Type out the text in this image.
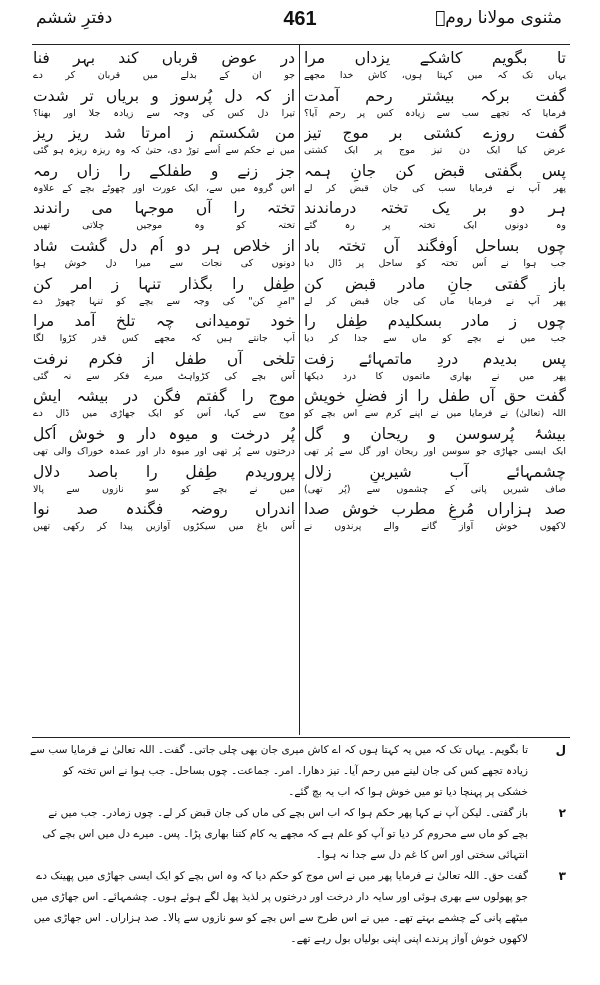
مثنوی مولانا رومؒ
461
دفترِ ششم
تا بگویم کاشکے یزداں مرا
یہاں تک کہ میں کہتا ہوں، کاش خدا مجھے
گفت برکہ بیشتر رحم آمدت
فرمایا کہ تجھے سب سے زیادہ کس پر رحم آیا؟
گفت روزے کشتی بر موج تیز
عرض کیا ایک دن تیز موج پر ایک کشتی
پس بگفتی قبض کن جانِ ہمہ
پھر آپ نے فرمایا سب کی جان قبض کر لے
ہر دو بر یک تختہ درماندند
وہ دونوں ایک تختہ پر رہ گئے
چوں بساحل اُوفگند آں تختہ باد
جب ہوا نے اُس تختہ کو ساحل پر ڈال دیا
باز گفتی جانِ مادر قبض کن
پھر آپ نے فرمایا ماں کی جان قبض کر لے
چوں ز مادر بسکلیدم طِفل را
جب میں نے بچے کو ماں سے جدا کر دیا
پس بدیدم دردِ ماتمہائے زفت
پھر میں نے بھاری ماتموں کا درد دیکھا
گفت حق آں طفل را از فضلِ خویش
اللہ (تعالیٰ) نے فرمایا میں نے اپنے کرم سے اس بچے کو
بیشۂ پُرسوسن و ریحان و گل
ایک ایسی جھاڑی جو سوسن اور ریحان اور گل سے پُر تھی
چشمہائے آب شیرینِ زلال
صاف شیریں پانی کے چشموں سے (پُر تھی)
صد ہزاراں مُرغِ مطرب خوش صدا
لاکھوں خوش آواز گانے والے پرندوں نے
در عوض قرباں کند بہر فنا
جو ان کے بدلے میں قربان کر دے
از کہ دل پُرسوز و بریاں تر شدت
تیرا دل کس کی وجہ سے زیادہ جلا اور بھنا؟
من شکستم ز امرتا شد ریز ریز
میں نے حکم سے اُسے توڑ دی، حتیٰ کہ وہ ریزہ ریزہ ہو گئی
جز زنے و طفلکے را زاں رمہ
اس گروہ میں سے، ایک عورت اور چھوٹے بچے کے علاوہ
تختہ را آں موجہا می راندند
تختہ کو وہ موجیں چلاتی تھیں
از خلاص ہر دو اُم دل گشت شاد
دونوں کی نجات سے میرا دل خوش ہوا
طِفل را بگذار تنہا ز امر کن
"امرِ کن" کی وجہ سے بچے کو تنہا چھوڑ دے
خود تومیدانی چہ تلخ آمد مرا
آپ جانتے ہیں کہ مجھے کس قدر کڑوا لگا
تلخی آں طفل از فکرم نرفت
اُس بچے کی کڑواہٹ میرے فکر سے نہ گئی
موج را گفتم فگن در بیشہ ایش
موج سے کہا، اُس کو ایک جھاڑی میں ڈال دے
پُر درخت و میوہ دار و خوش اُکل
درختوں سے پُر تھی اور میوہ دار اور عمدہ خوراک والی تھی
پروریدم طِفل را باصد دلال
میں نے بچے کو سو نازوں سے پالا
اندراں روضہ فگندہ صد نوا
اُس باغ میں سیکڑوں آوازیں پیدا کر رکھی تھیں
ل
تا بگویم۔ یہاں تک کہ میں یہ کہتا ہوں کہ اے کاش میری جان بھی چلی جاتی۔ گفت۔ اللہ تعالیٰ نے فرمایا سب سے زیادہ تجھے کس کی جان لینے میں رحم آیا۔ تیز دھارا۔ امر۔ جماعت۔ چوں بساحل۔ جب ہوا نے اس تختہ کو خشکی پر پہنچا دیا تو میں خوش ہوا کہ اب یہ بچ گئے۔
۲
باز گفتی۔ لیکن آپ نے کہا پھر حکم ہوا کہ اب اس بچے کی ماں کی جان قبض کر لے۔ چوں زمادر۔ جب میں نے بچے کو ماں سے محروم کر دیا تو آپ کو علم ہے کہ مجھے یہ کام کتنا بھاری پڑا۔ پس۔ میرے دل میں اس بچے کی انتہائی سختی اور اس کا غم دل سے جدا نہ ہوا۔
۳
گفت حق۔ اللہ تعالیٰ نے فرمایا پھر میں نے اس موج کو حکم دیا کہ وہ اس بچے کو ایک ایسی جھاڑی میں پھینک دے جو پھولوں سے بھری ہوئی اور سایہ دار درخت اور درختوں پر لذیذ پھل لگے ہوئے ہوں۔ چشمہائے۔ اس جھاڑی میں میٹھے پانی کے چشمے بہتے تھے۔ میں نے اس طرح سے اس بچے کو سو نازوں سے پالا۔ صد ہزاراں۔ اس جھاڑی میں لاکھوں خوش آواز پرندے اپنی اپنی بولیاں بول رہے تھے۔
